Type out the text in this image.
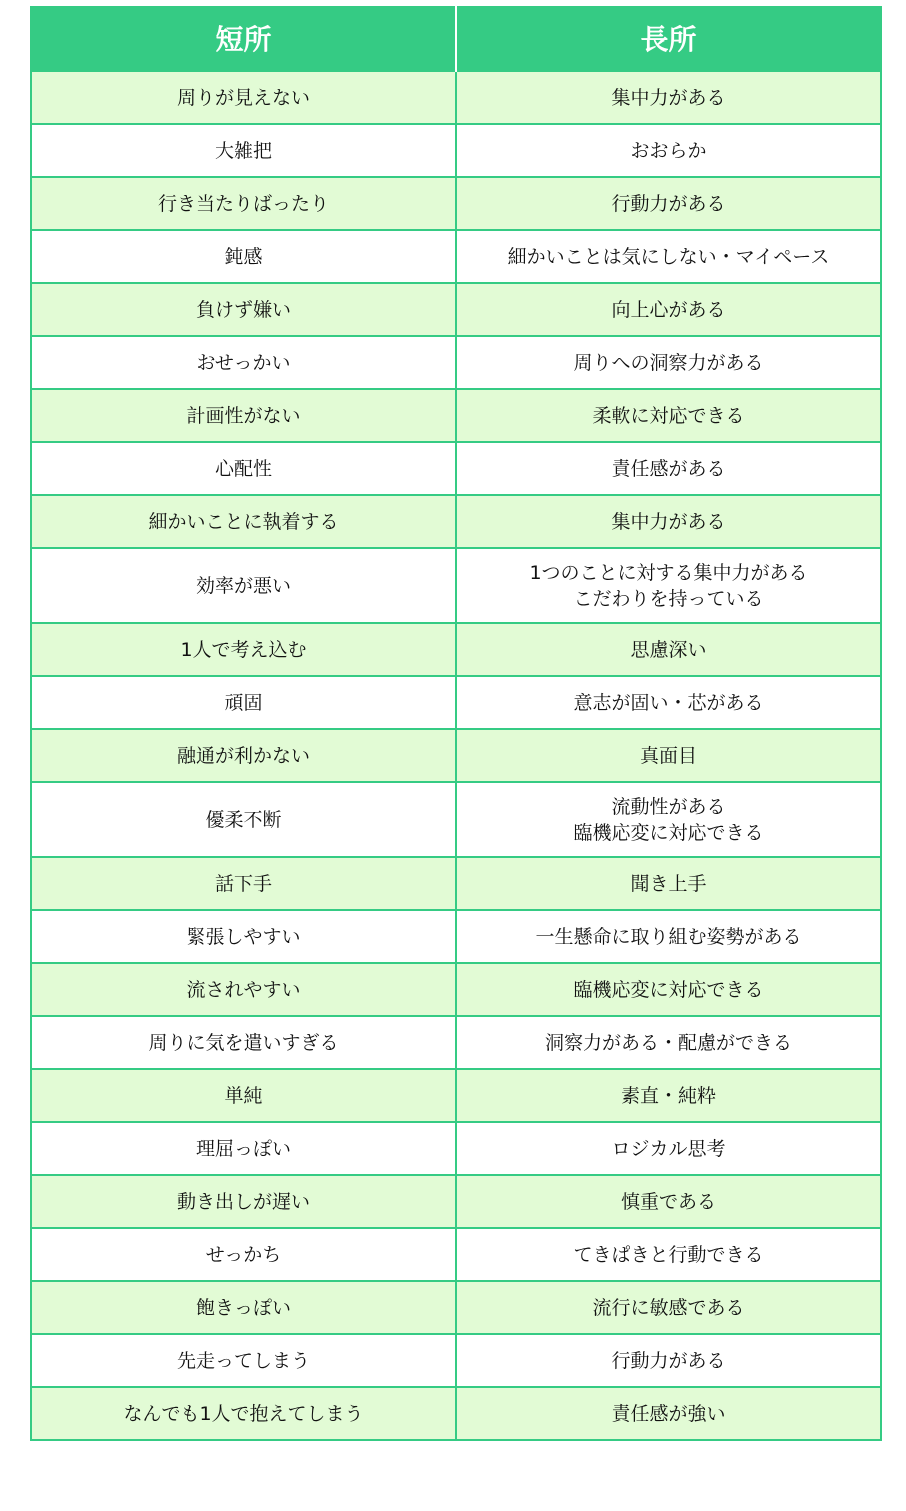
短所	長所
周りが見えない	集中力がある

大雑把	おおらか

行き当たりばったり	行動力がある

鈍感	細かいことは気にしない・マイペース

負けず嫌い	向上心がある

おせっかい	周りへの洞察力がある

計画性がない	柔軟に対応できる

心配性	責任感がある

細かいことに執着する	集中力がある

効率が悪い	1つのことに対する集中力がある
こだわりを持っている

1人で考え込む	思慮深い

頑固	意志が固い・芯がある

融通が利かない	真面目

優柔不断	流動性がある
臨機応変に対応できる

話下手	聞き上手

緊張しやすい	一生懸命に取り組む姿勢がある

流されやすい	臨機応変に対応できる

周りに気を遣いすぎる	洞察力がある・配慮ができる

単純	素直・純粋

理屈っぽい	ロジカル思考

動き出しが遅い	慎重である

せっかち	てきぱきと行動できる

飽きっぽい	流行に敏感である

先走ってしまう	行動力がある

なんでも1人で抱えてしまう	責任感が強い
